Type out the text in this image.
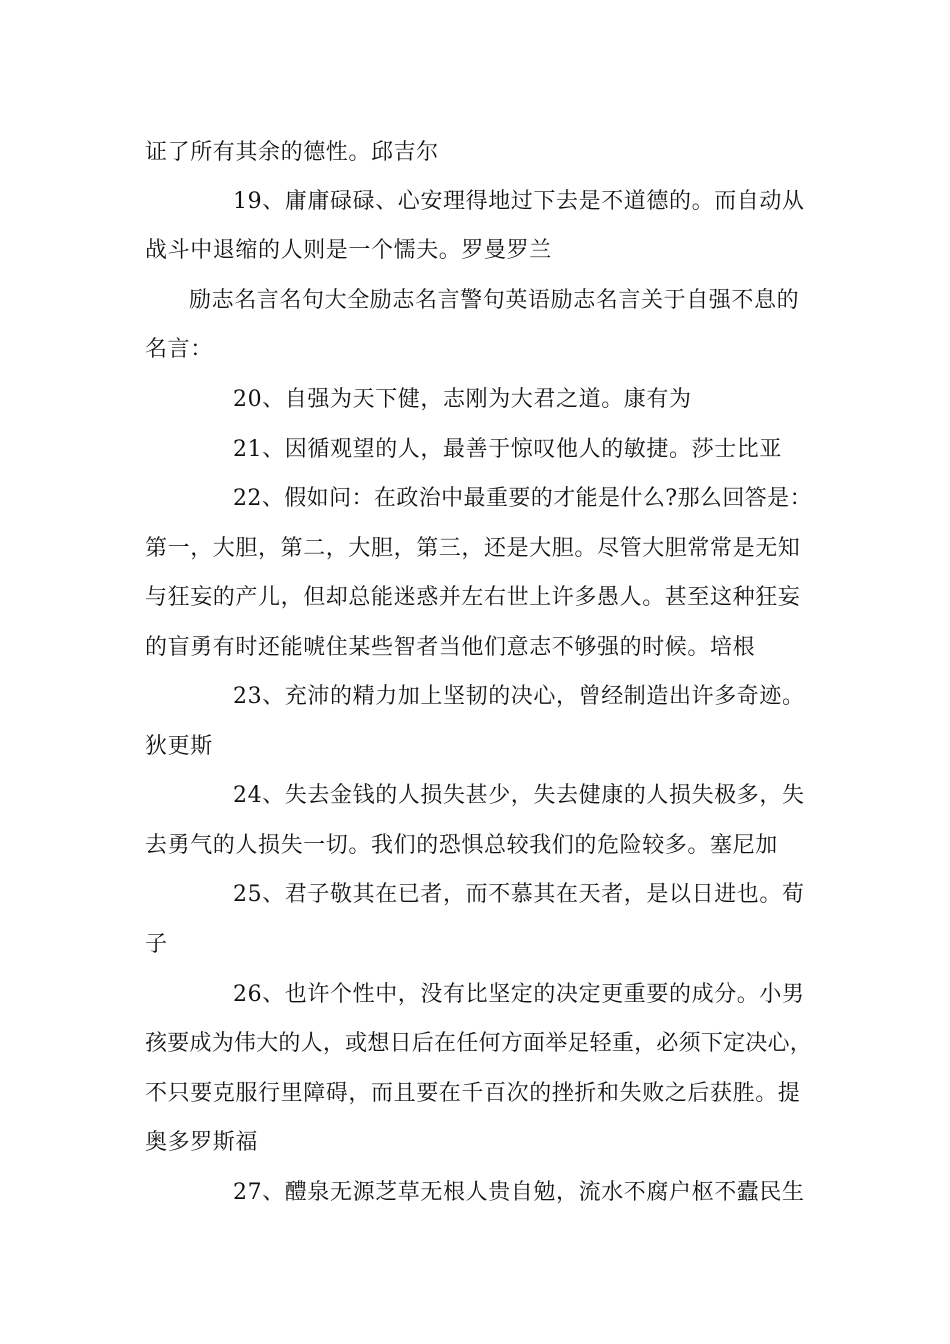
证了所有其余的德性。邱吉尔
19、庸庸碌碌、心安理得地过下去是不道德的。而自动从
战斗中退缩的人则是一个懦夫。罗曼罗兰
励志名言名句大全励志名言警句英语励志名言关于自强不息的
名言：
20、自强为天下健，志刚为大君之道。康有为
21、因循观望的人，最善于惊叹他人的敏捷。莎士比亚
22、假如问：在政治中最重要的才能是什么?那么回答是：
第一，大胆，第二，大胆，第三，还是大胆。尽管大胆常常是无知
与狂妄的产儿，但却总能迷惑并左右世上许多愚人。甚至这种狂妄
的盲勇有时还能唬住某些智者当他们意志不够强的时候。培根
23、充沛的精力加上坚韧的决心，曾经制造出许多奇迹。
狄更斯
24、失去金钱的人损失甚少，失去健康的人损失极多，失
去勇气的人损失一切。我们的恐惧总较我们的危险较多。塞尼加
25、君子敬其在已者，而不慕其在天者，是以日进也。荀
子
26、也许个性中，没有比坚定的决定更重要的成分。小男
孩要成为伟大的人，或想日后在任何方面举足轻重，必须下定决心，
不只要克服行里障碍，而且要在千百次的挫折和失败之后获胜。提
奥多罗斯福
27、醴泉无源芝草无根人贵自勉，流水不腐户枢不蠹民生
